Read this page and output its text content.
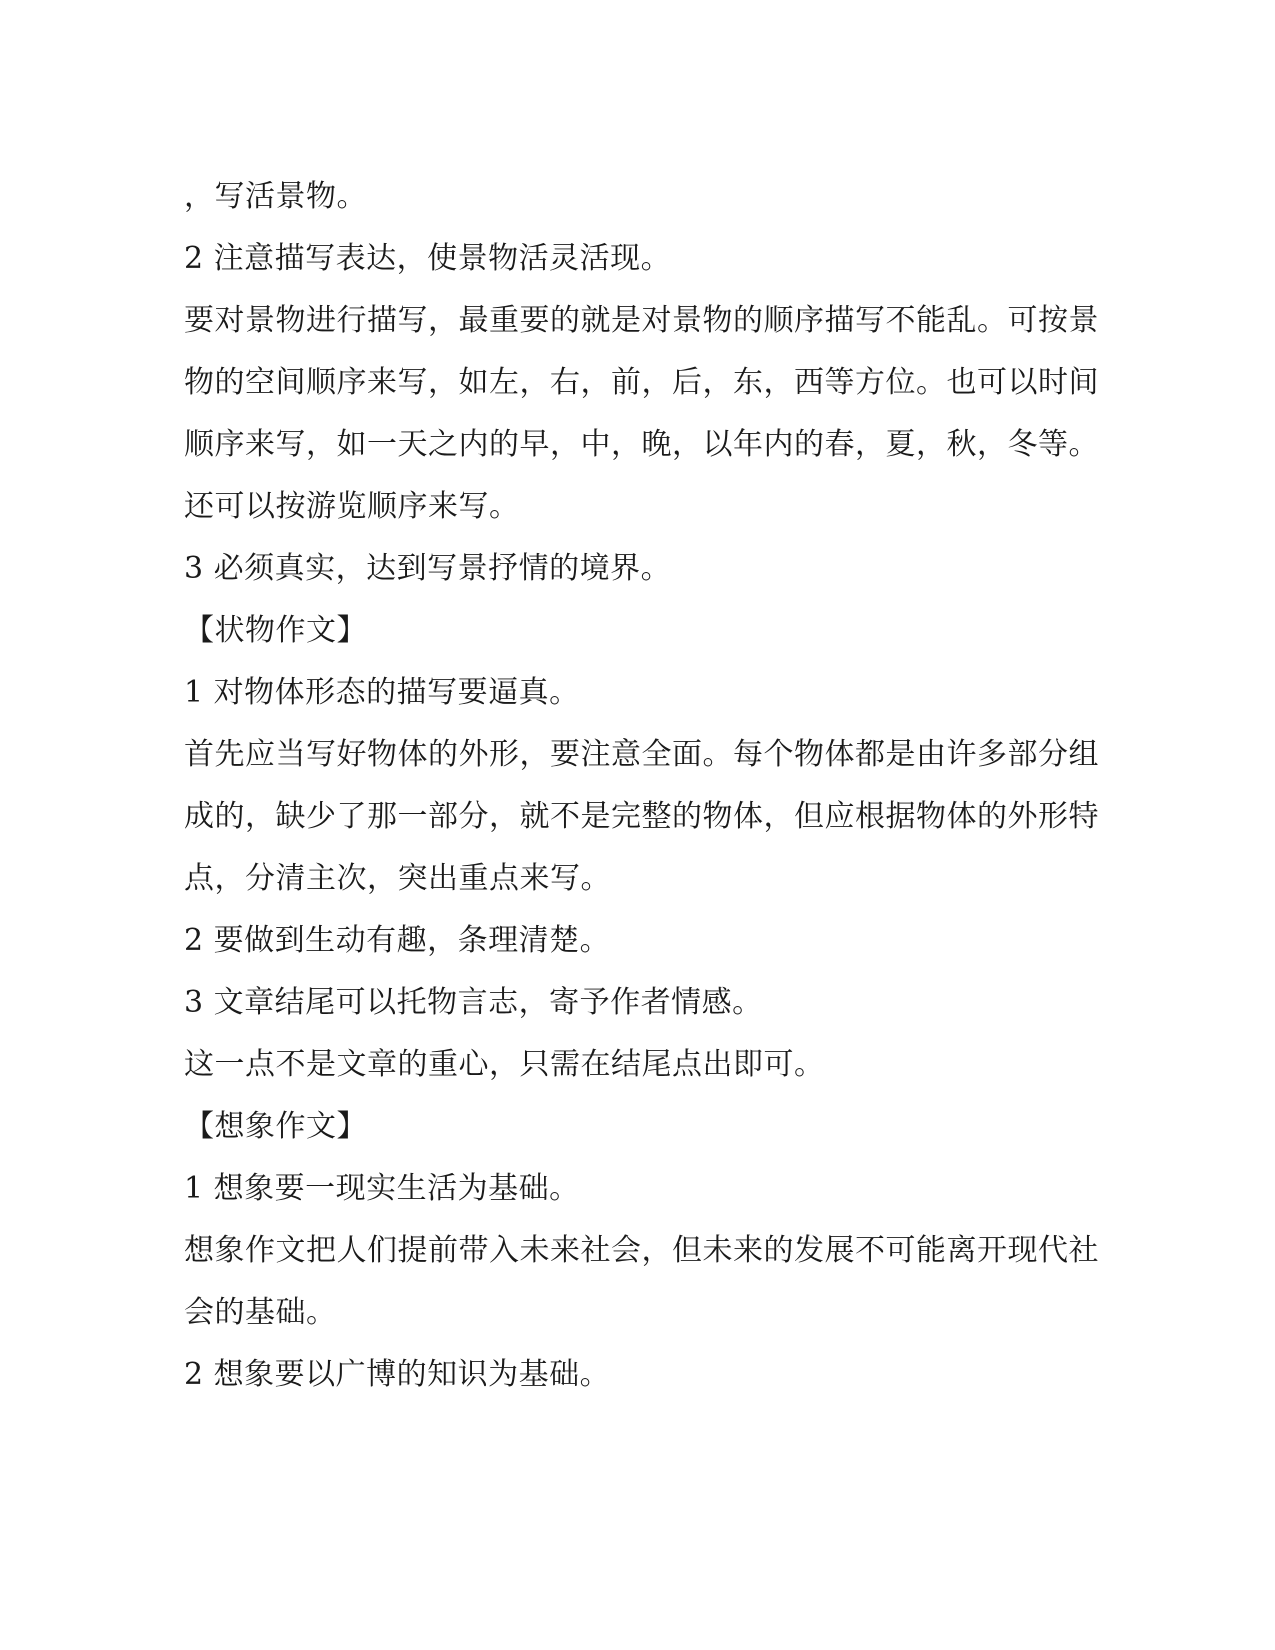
，写活景物。
2 注意描写表达，使景物活灵活现。
要对景物进行描写，最重要的就是对景物的顺序描写不能乱。可按景
物的空间顺序来写，如左，右，前，后，东，西等方位。也可以时间
顺序来写，如一天之内的早，中，晚，以年内的春，夏，秋，冬等。
还可以按游览顺序来写。
3 必须真实，达到写景抒情的境界。
【状物作文】
1 对物体形态的描写要逼真。
首先应当写好物体的外形，要注意全面。每个物体都是由许多部分组
成的，缺少了那一部分，就不是完整的物体，但应根据物体的外形特
点，分清主次，突出重点来写。
2 要做到生动有趣，条理清楚。
3 文章结尾可以托物言志，寄予作者情感。
这一点不是文章的重心，只需在结尾点出即可。
【想象作文】
1 想象要一现实生活为基础。
想象作文把人们提前带入未来社会，但未来的发展不可能离开现代社
会的基础。
2 想象要以广博的知识为基础。
